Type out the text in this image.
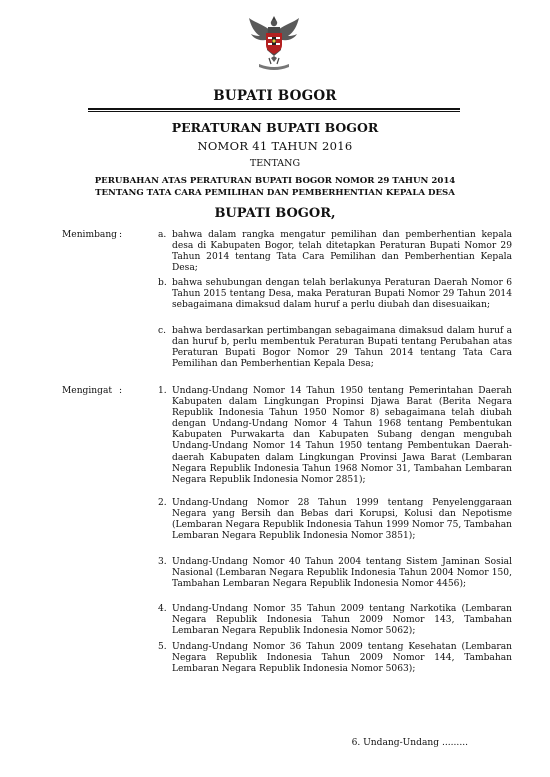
BUPATI BOGOR
PERATURAN BUPATI BOGOR
NOMOR 41 TAHUN 2016
TENTANG
PERUBAHAN ATAS PERATURAN BUPATI BOGOR NOMOR 29 TAHUN 2014
TENTANG TATA CARA PEMILIHAN DAN PEMBERHENTIAN KEPALA DESA
BUPATI BOGOR,
Menimbang :	a. bahwa dalam rangka mengatur pemilihan dan pemberhentian kepala desa di Kabupaten Bogor, telah ditetapkan Peraturan Bupati Nomor 29 Tahun 2014 tentang Tata Cara Pemilihan dan Pemberhentian Kepala Desa;
b. bahwa sehubungan dengan telah berlakunya Peraturan Daerah Nomor 6 Tahun 2015 tentang Desa, maka Peraturan Bupati Nomor 29 Tahun 2014 sebagaimana dimaksud dalam huruf a perlu diubah dan disesuaikan;
c. bahwa berdasarkan pertimbangan sebagaimana dimaksud dalam huruf a dan huruf b, perlu membentuk Peraturan Bupati tentang Perubahan atas Peraturan Bupati Bogor Nomor 29 Tahun 2014 tentang Tata Cara Pemilihan dan Pemberhentian Kepala Desa;
Mengingat :	1. Undang-Undang Nomor 14 Tahun 1950 tentang Pemerintahan Daerah Kabupaten dalam Lingkungan Propinsi Djawa Barat (Berita Negara Republik Indonesia Tahun 1950 Nomor 8) sebagaimana telah diubah dengan Undang-Undang Nomor 4 Tahun 1968 tentang Pembentukan Kabupaten Purwakarta dan Kabupaten Subang dengan mengubah Undang-Undang Nomor 14 Tahun 1950 tentang Pembentukan Daerah-daerah Kabupaten dalam Lingkungan Provinsi Jawa Barat (Lembaran Negara Republik Indonesia Tahun 1968 Nomor 31, Tambahan Lembaran Negara Republik Indonesia Nomor 2851);
2. Undang-Undang Nomor 28 Tahun 1999 tentang Penyelenggaraan Negara yang Bersih dan Bebas dari Korupsi, Kolusi dan Nepotisme (Lembaran Negara Republik Indonesia Tahun 1999 Nomor 75, Tambahan Lembaran Negara Republik Indonesia Nomor 3851);
3. Undang-Undang Nomor 40 Tahun 2004 tentang Sistem Jaminan Sosial Nasional (Lembaran Negara Republik Indonesia Tahun 2004 Nomor 150, Tambahan Lembaran Negara Republik Indonesia Nomor 4456);
4. Undang-Undang Nomor 35 Tahun 2009 tentang Narkotika (Lembaran Negara Republik Indonesia Tahun 2009 Nomor 143, Tambahan Lembaran Negara Republik Indonesia Nomor 5062);
5. Undang-Undang Nomor 36 Tahun 2009 tentang Kesehatan (Lembaran Negara Republik Indonesia Tahun 2009 Nomor 144, Tambahan Lembaran Negara Republik Indonesia Nomor 5063);
6. Undang-Undang .........
